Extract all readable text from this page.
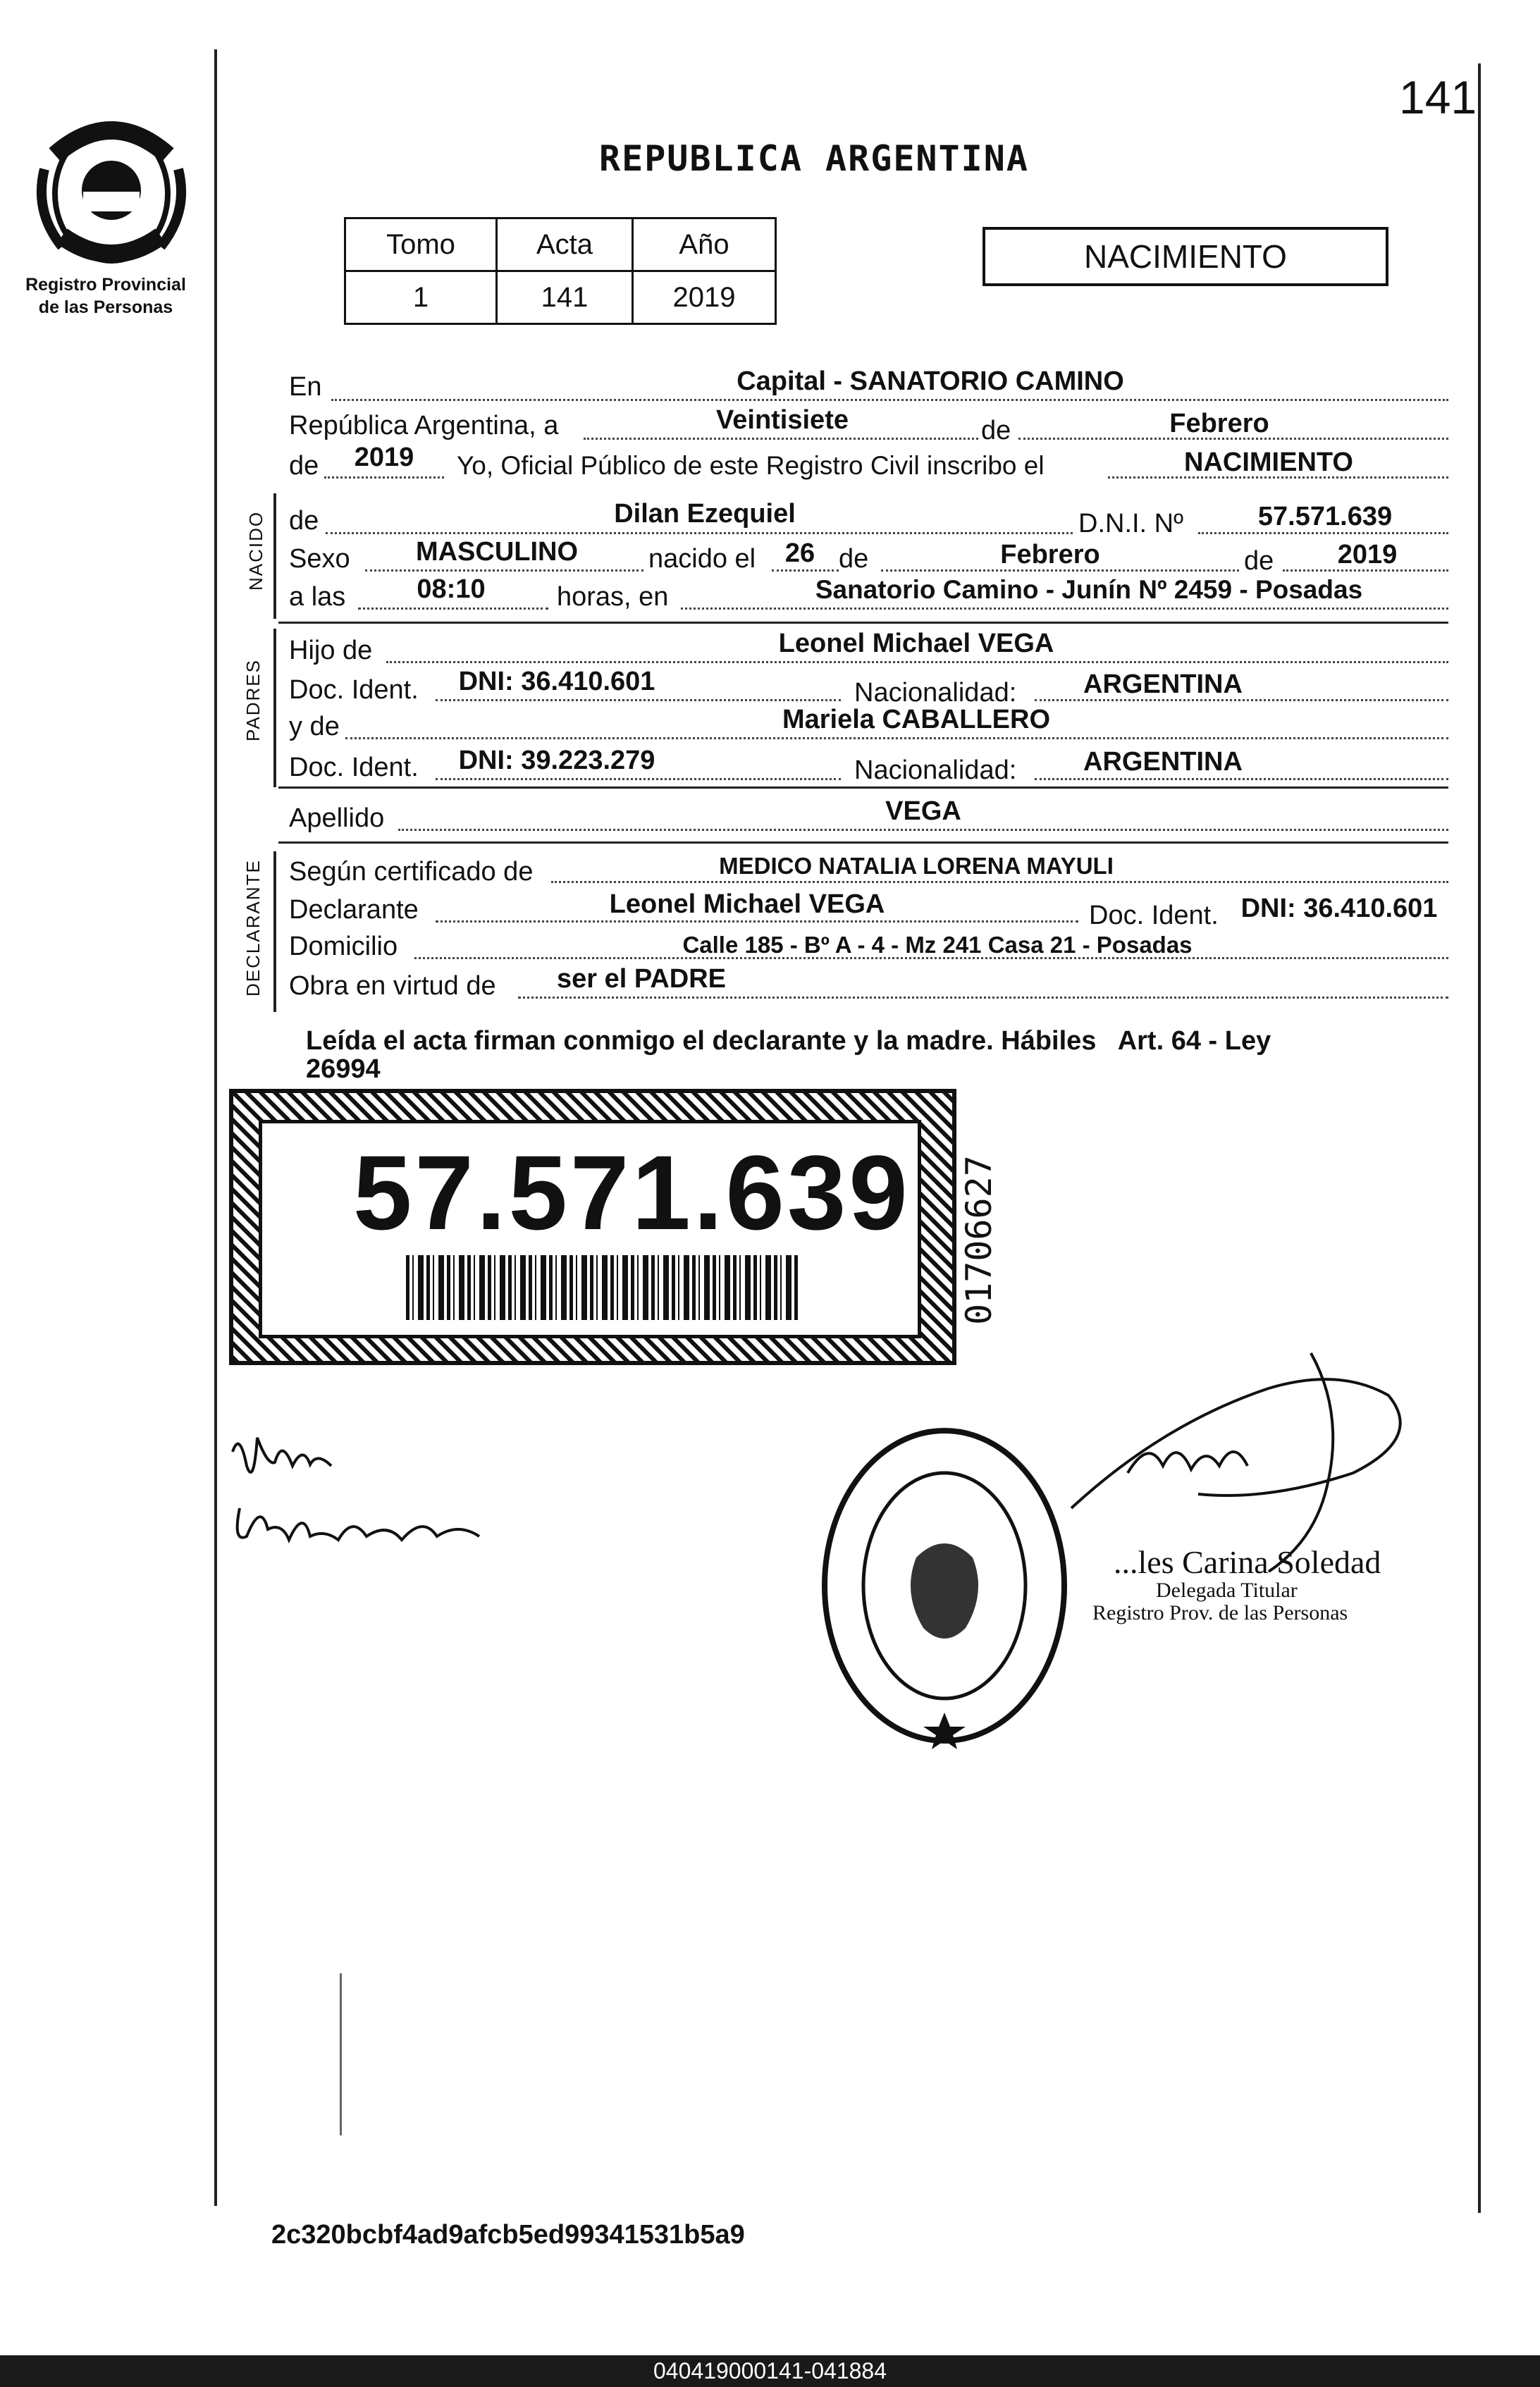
141
Registro Provincial
de las Personas
REPUBLICA ARGENTINA
Tomo	Acta	Año
1	141	2019
NACIMIENTO
En	Capital - SANATORIO CAMINO
República Argentina, a	Veintisiete	de	Febrero
de	2019	Yo, Oficial Público de este Registro Civil inscribo el	NACIMIENTO
NACIDO de	Dilan Ezequiel	D.N.I. Nº	57.571.639
Sexo	MASCULINO	nacido el	26 de	Febrero	de	2019
a las	08:10	horas, en	Sanatorio Camino - Junín Nº 2459 - Posadas
PADRES
Hijo de	Leonel Michael VEGA
Doc. Ident.	DNI: 36.410.601	Nacionalidad:	ARGENTINA
y de	Mariela CABALLERO
Doc. Ident.	DNI: 39.223.279	Nacionalidad:	ARGENTINA
Apellido	VEGA
DECLARANTE Según certificado de	MEDICO NATALIA LORENA MAYULI
Declarante	Leonel Michael VEGA	Doc. Ident. DNI: 36.410.601
Domicilio	Calle 185 - Bº A - 4 - Mz 241 Casa 21 - Posadas
Obra en virtud de	ser el PADRE
Leída el acta firman conmigo el declarante y la madre. Hábiles   Art. 64 - Ley
26994
57.571.639 01706627
...les Carina Soledad
Delegada Titular
Registro Prov. de las Personas
2c320bcbf4ad9afcb5ed99341531b5a9
040419000141-041884
